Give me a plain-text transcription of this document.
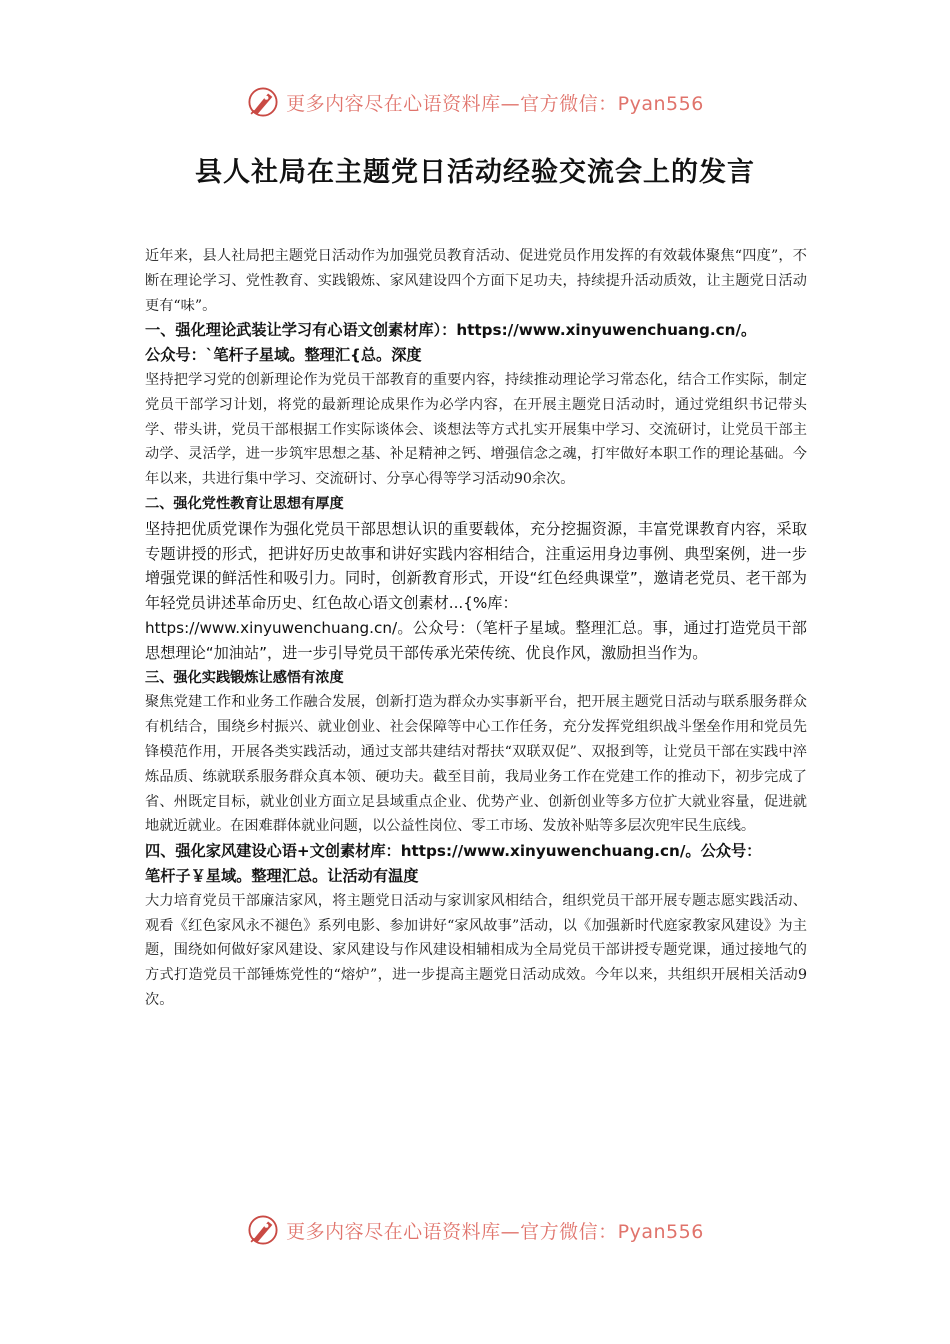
更多内容尽在心语资料库—官方微信：Pyan556
县人社局在主题党日活动经验交流会上的发言

近年来，县人社局把主题党日活动作为加强党员教育活动、促进党员作用发挥的有效载体聚焦“四度”，不断在理论学习、党性教育、实践锻炼、家风建设四个方面下足功夫，持续提升活动质效，让主题党日活动更有“味”。

一、强化理论武装让学习有心语文创素材库）：https://www.xinyuwenchuang.cn/。

公众号：`笔杆子星域。整理汇{总。深度

坚持把学习党的创新理论作为党员干部教育的重要内容，持续推动理论学习常态化，结合工作实际，制定党员干部学习计划，将党的最新理论成果作为必学内容，在开展主题党日活动时，通过党组织书记带头学、带头讲，党员干部根据工作实际谈体会、谈想法等方式扎实开展集中学习、交流研讨，让党员干部主动学、灵活学，进一步筑牢思想之基、补足精神之钙、增强信念之魂，打牢做好本职工作的理论基础。今年以来，共进行集中学习、交流研讨、分享心得等学习活动90余次。

二、强化党性教育让思想有厚度

坚持把优质党课作为强化党员干部思想认识的重要载体，充分挖掘资源，丰富党课教育内容，采取专题讲授的形式，把讲好历史故事和讲好实践内容相结合，注重运用身边事例、典型案例，进一步增强党课的鲜活性和吸引力。同时，创新教育形式，开设“红色经典课堂”，邀请老党员、老干部为年轻党员讲述革命历史、红色故心语文创素材...{%库：

https://www.xinyuwenchuang.cn/。公众号：（笔杆子星域。整理汇总。事，通过打造党员干部思想理论“加油站”，进一步引导党员干部传承光荣传统、优良作风，激励担当作为。

三、强化实践锻炼让感悟有浓度

聚焦党建工作和业务工作融合发展，创新打造为群众办实事新平台，把开展主题党日活动与联系服务群众有机结合，围绕乡村振兴、就业创业、社会保障等中心工作任务，充分发挥党组织战斗堡垒作用和党员先锋模范作用，开展各类实践活动，通过支部共建结对帮扶“双联双促”、双报到等，让党员干部在实践中淬炼品质、练就联系服务群众真本领、硬功夫。截至目前，我局业务工作在党建工作的推动下，初步完成了省、州既定目标，就业创业方面立足县域重点企业、优势产业、创新创业等多方位扩大就业容量，促进就地就近就业。在困难群体就业问题，以公益性岗位、零工市场、发放补贴等多层次兜牢民生底线。

四、强化家风建设心语+文创素材库：https://www.xinyuwenchuang.cn/。公众号：

笔杆子￥星域。整理汇总。让活动有温度

大力培育党员干部廉洁家风，将主题党日活动与家训家风相结合，组织党员干部开展专题志愿实践活动、观看《红色家风永不褪色》系列电影、参加讲好“家风故事”活动，以《加强新时代庭家教家风建设》为主题，围绕如何做好家风建设、家风建设与作风建设相辅相成为全局党员干部讲授专题党课，通过接地气的方式打造党员干部锤炼党性的“熔炉”，进一步提高主题党日活动成效。今年以来，共组织开展相关活动9次。

更多内容尽在心语资料库—官方微信：Pyan556
